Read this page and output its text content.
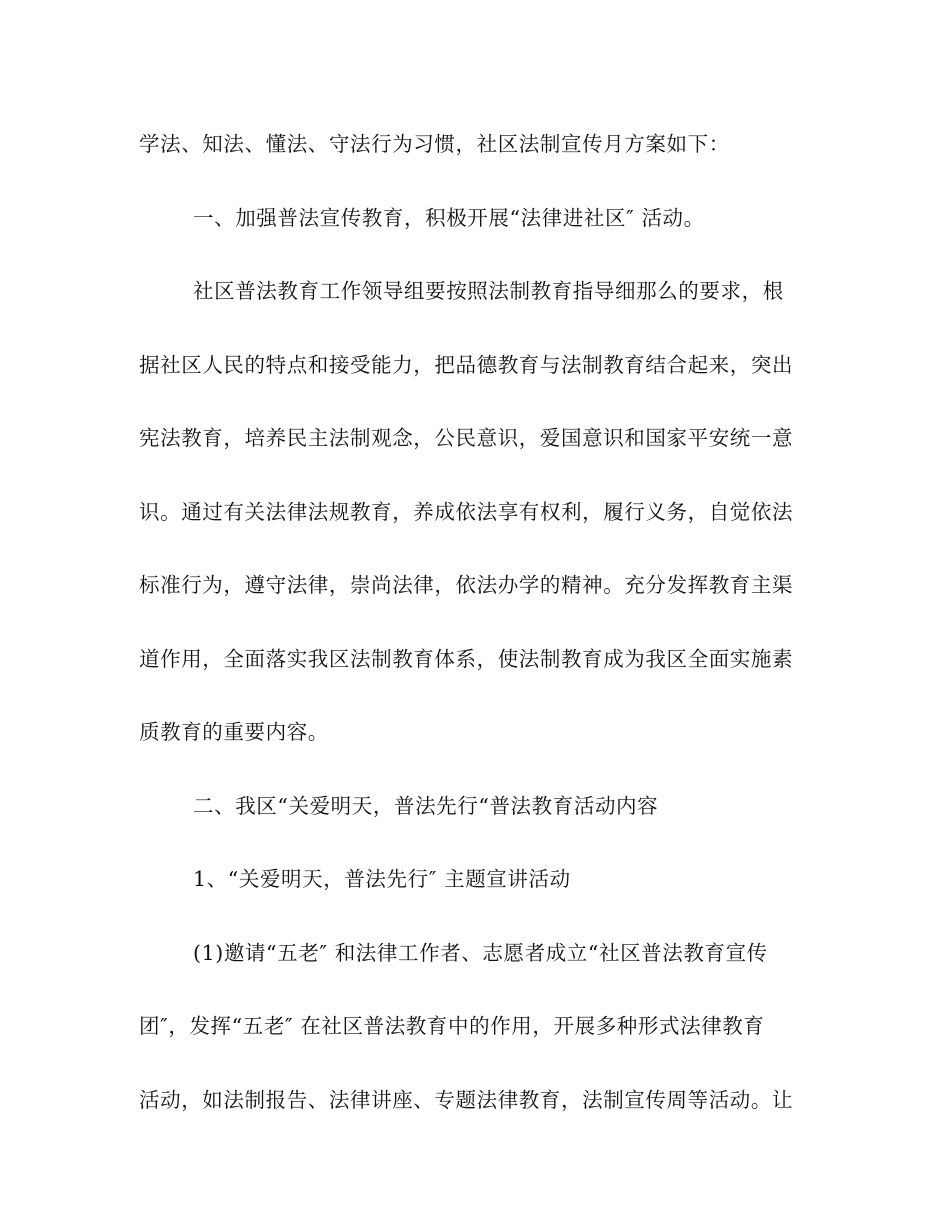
学法、知法、懂法、守法行为习惯，社区法制宣传月方案如下：
一、加强普法宣传教育，积极开展“法律进社区″ 活动。
社区普法教育工作领导组要按照法制教育指导细那么的要求，根
据社区人民的特点和接受能力，把品德教育与法制教育结合起来，突出
宪法教育，培养民主法制观念，公民意识，爱国意识和国家平安统一意
识。通过有关法律法规教育，养成依法享有权利，履行义务，自觉依法
标准行为，遵守法律，崇尚法律，依法办学的精神。充分发挥教育主渠
道作用，全面落实我区法制教育体系，使法制教育成为我区全面实施素
质教育的重要内容。
二、我区“关爱明天，普法先行“普法教育活动内容
1、“关爱明天，普法先行″ 主题宣讲活动
(1)邀请“五老″ 和法律工作者、志愿者成立“社区普法教育宣传
团″，发挥“五老″ 在社区普法教育中的作用，开展多种形式法律教育
活动，如法制报告、法律讲座、专题法律教育，法制宣传周等活动。让
